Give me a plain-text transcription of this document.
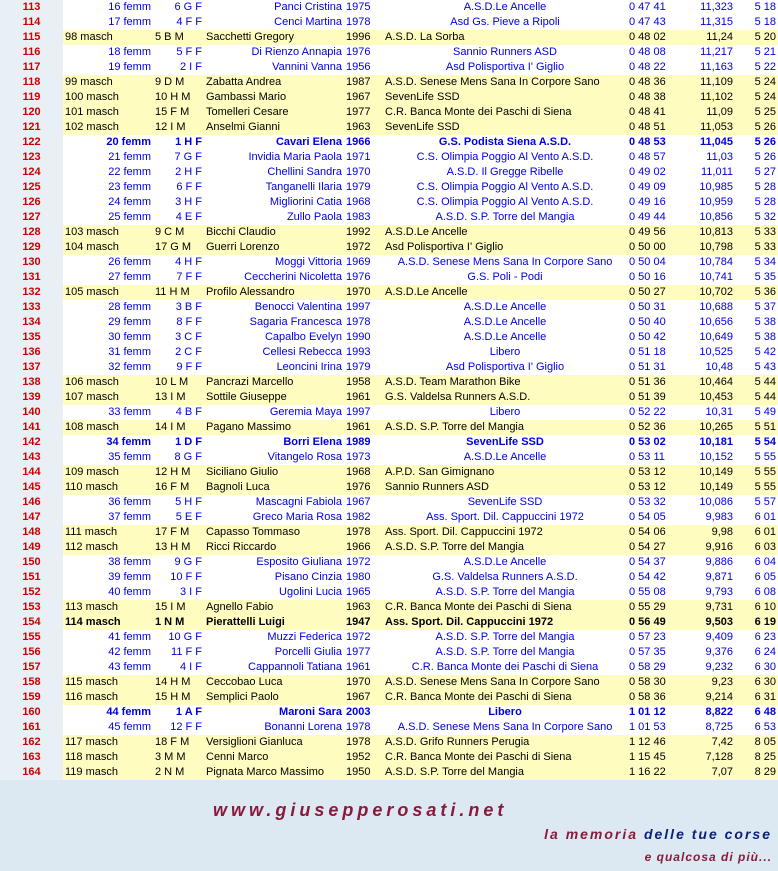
113	16 femm	6 G F	Panci Cristina	1975	A.S.D.Le Ancelle	0 47 41	11,323	5 18
114	17 femm	4 F F	Cenci Martina	1978	Asd Gs. Pieve a Ripoli	0 47 43	11,315	5 18
115	98 masch	5 B M	Sacchetti Gregory	1996	A.S.D. La Sorba	0 48 02	11,24	5 20
116	18 femm	5 F F	Di Rienzo Annapia	1976	Sannio Runners ASD	0 48 08	11,217	5 21
117	19 femm	2 I F	Vannini Vanna	1956	Asd Polisportiva I' Giglio	0 48 22	11,163	5 22
118	99 masch	9 D M	Zabatta Andrea	1987	A.S.D. Senese Mens Sana In Corpore Sano	0 48 36	11,109	5 24
119	100 masch	10 H M	Gambassi Mario	1967	SevenLife SSD	0 48 38	11,102	5 24
120	101 masch	15 F M	Tomelleri Cesare	1977	C.R. Banca Monte dei Paschi di Siena	0 48 41	11,09	5 25
121	102 masch	12 I M	Anselmi Gianni	1963	SevenLife SSD	0 48 51	11,053	5 26
122	20 femm	1 H F	Cavari Elena	1966	G.S. Podista Siena A.S.D.	0 48 53	11,045	5 26
123	21 femm	7 G F	Invidia Maria Paola	1971	C.S. Olimpia Poggio Al Vento A.S.D.	0 48 57	11,03	5 26
124	22 femm	2 H F	Chellini Sandra	1970	A.S.D. Il Gregge Ribelle	0 49 02	11,011	5 27
125	23 femm	6 F F	Tanganelli Ilaria	1979	C.S. Olimpia Poggio Al Vento A.S.D.	0 49 09	10,985	5 28
126	24 femm	3 H F	Migliorini Catia	1968	C.S. Olimpia Poggio Al Vento A.S.D.	0 49 16	10,959	5 28
127	25 femm	4 E F	Zullo Paola	1983	A.S.D. S.P. Torre del Mangia	0 49 44	10,856	5 32
128	103 masch	9 C M	Bicchi Claudio	1992	A.S.D.Le Ancelle	0 49 56	10,813	5 33
129	104 masch	17 G M	Guerri Lorenzo	1972	Asd Polisportiva I' Giglio	0 50 00	10,798	5 33
130	26 femm	4 H F	Moggi Vittoria	1969	A.S.D. Senese Mens Sana In Corpore Sano	0 50 04	10,784	5 34
131	27 femm	7 F F	Ceccherini Nicoletta	1976	G.S. Poli - Podi	0 50 16	10,741	5 35
132	105 masch	11 H M	Profilo Alessandro	1970	A.S.D.Le Ancelle	0 50 27	10,702	5 36
133	28 femm	3 B F	Benocci Valentina	1997	A.S.D.Le Ancelle	0 50 31	10,688	5 37
134	29 femm	8 F F	Sagaria Francesca	1978	A.S.D.Le Ancelle	0 50 40	10,656	5 38
135	30 femm	3 C F	Capalbo Evelyn	1990	A.S.D.Le Ancelle	0 50 42	10,649	5 38
136	31 femm	2 C F	Cellesi Rebecca	1993	Libero	0 51 18	10,525	5 42
137	32 femm	9 F F	Leoncini Irina	1979	Asd Polisportiva I' Giglio	0 51 31	10,48	5 43
138	106 masch	10 L M	Pancrazi Marcello	1958	A.S.D. Team Marathon Bike	0 51 36	10,464	5 44
139	107 masch	13 I M	Sottile Giuseppe	1961	G.S. Valdelsa Runners A.S.D.	0 51 39	10,453	5 44
140	33 femm	4 B F	Geremia Maya	1997	Libero	0 52 22	10,31	5 49
141	108 masch	14 I M	Pagano Massimo	1961	A.S.D. S.P. Torre del Mangia	0 52 36	10,265	5 51
142	34 femm	1 D F	Borri Elena	1989	SevenLife SSD	0 53 02	10,181	5 54
143	35 femm	8 G F	Vitangelo Rosa	1973	A.S.D.Le Ancelle	0 53 11	10,152	5 55
144	109 masch	12 H M	Siciliano Giulio	1968	A.P.D. San Gimignano	0 53 12	10,149	5 55
145	110 masch	16 F M	Bagnoli Luca	1976	Sannio Runners ASD	0 53 12	10,149	5 55
146	36 femm	5 H F	Mascagni Fabiola	1967	SevenLife SSD	0 53 32	10,086	5 57
147	37 femm	5 E F	Greco Maria Rosa	1982	Ass. Sport. Dil. Cappuccini 1972	0 54 05	9,983	6 01
148	111 masch	17 F M	Capasso Tommaso	1978	Ass. Sport. Dil. Cappuccini 1972	0 54 06	9,98	6 01
149	112 masch	13 H M	Ricci Riccardo	1966	A.S.D. S.P. Torre del Mangia	0 54 27	9,916	6 03
150	38 femm	9 G F	Esposito Giuliana	1972	A.S.D.Le Ancelle	0 54 37	9,886	6 04
151	39 femm	10 F F	Pisano Cinzia	1980	G.S. Valdelsa Runners A.S.D.	0 54 42	9,871	6 05
152	40 femm	3 I F	Ugolini Lucia	1965	A.S.D. S.P. Torre del Mangia	0 55 08	9,793	6 08
153	113 masch	15 I M	Agnello Fabio	1963	C.R. Banca Monte dei Paschi di Siena	0 55 29	9,731	6 10
154	114 masch	1 N M	Pierattelli Luigi	1947	Ass. Sport. Dil. Cappuccini 1972	0 56 49	9,503	6 19
155	41 femm	10 G F	Muzzi Federica	1972	A.S.D. S.P. Torre del Mangia	0 57 23	9,409	6 23
156	42 femm	11 F F	Porcelli Giulia	1977	A.S.D. S.P. Torre del Mangia	0 57 35	9,376	6 24
157	43 femm	4 I F	Cappannoli Tatiana	1961	C.R. Banca Monte dei Paschi di Siena	0 58 29	9,232	6 30
158	115 masch	14 H M	Ceccobao Luca	1970	A.S.D. Senese Mens Sana In Corpore Sano	0 58 30	9,23	6 30
159	116 masch	15 H M	Semplici Paolo	1967	C.R. Banca Monte dei Paschi di Siena	0 58 36	9,214	6 31
160	44 femm	1 A F	Maroni Sara	2003	Libero	1 01 12	8,822	6 48
161	45 femm	12 F F	Bonanni Lorena	1978	A.S.D. Senese Mens Sana In Corpore Sano	1 01 53	8,725	6 53
162	117 masch	18 F M	Versiglioni Gianluca	1978	A.S.D. Grifo Runners Perugia	1 12 46	7,42	8 05
163	118 masch	3 M M	Cenni Marco	1952	C.R. Banca Monte dei Paschi di Siena	1 15 45	7,128	8 25
164	119 masch	2 N M	Pignata Marco Massimo	1950	A.S.D. S.P. Torre del Mangia	1 16 22	7,07	8 29
www.giusepperosati.net
la memoria delle tue corse
e qualcosa di più...
